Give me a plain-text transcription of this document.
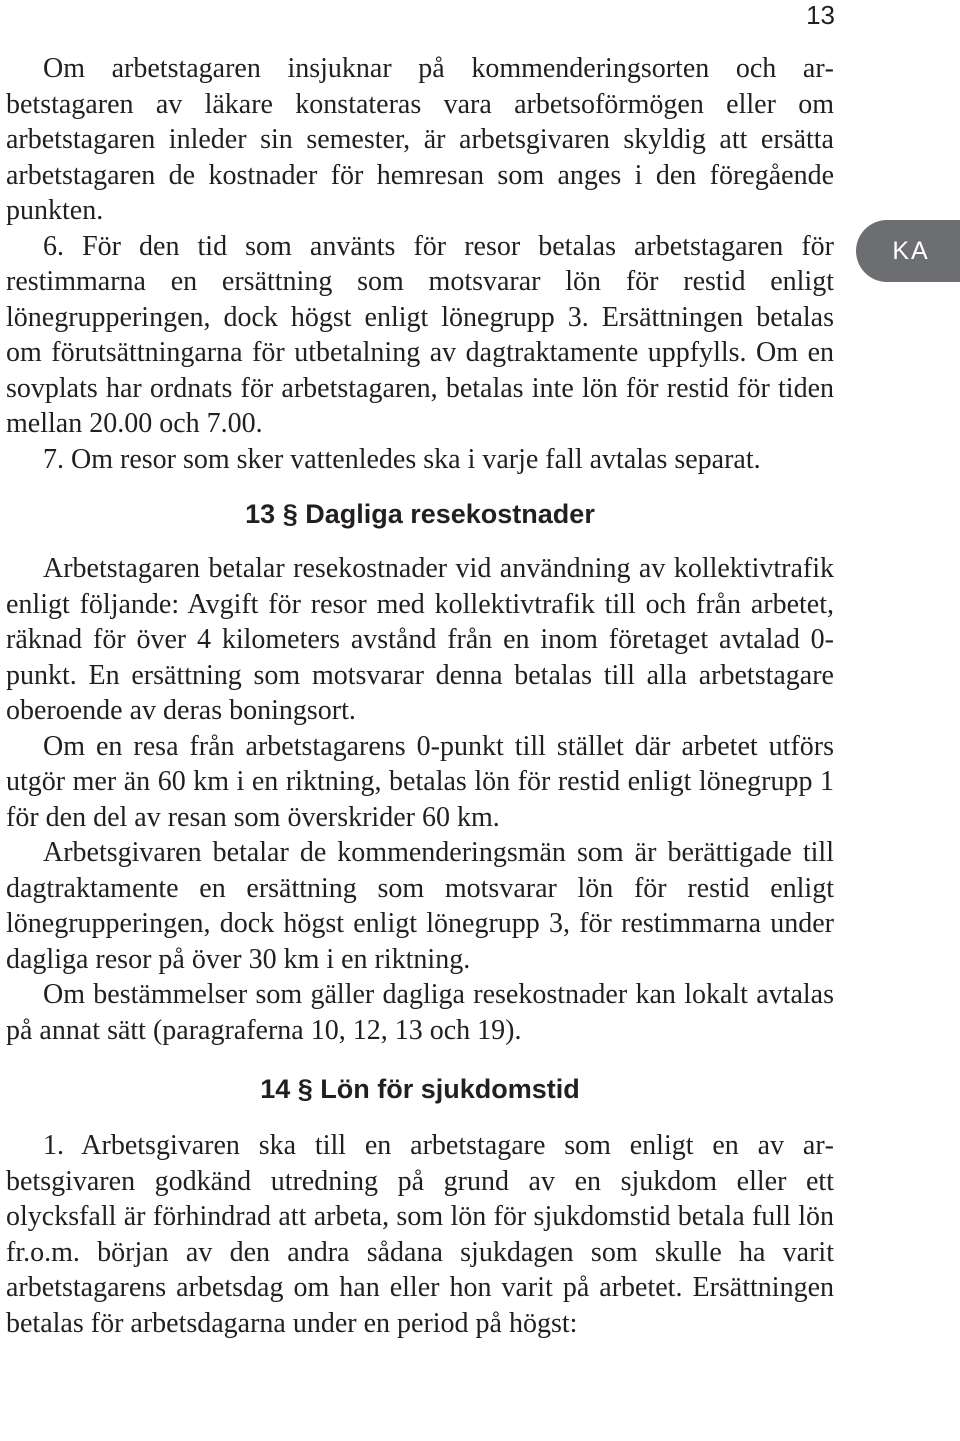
13
KA

Om arbetstagaren insjuknar på kommenderingsorten och arbetstagaren av läkare konstateras vara arbetsoförmögen eller om arbetstagaren inleder sin semester, är arbetsgivaren skyldig att ersätta arbetstagaren de kostnader för hemresan som anges i den föregående punkten.

6. För den tid som använts för resor betalas arbetstagaren för restimmarna en ersättning som motsvarar lön för restid enligt lönegrupperingen, dock högst enligt lönegrupp 3. Ersättningen betalas om förutsättningarna för utbetalning av dagtraktamente uppfylls. Om en sovplats har ordnats för arbetstagaren, betalas inte lön för restid för tiden mellan 20.00 och 7.00.

7. Om resor som sker vattenledes ska i varje fall avtalas separat.

13 § Dagliga resekostnader

Arbetstagaren betalar resekostnader vid användning av kollektivtrafik enligt följande: Avgift för resor med kollektivtrafik till och från arbetet, räknad för över 4 kilometers avstånd från en inom företaget avtalad 0-punkt. En ersättning som motsvarar denna betalas till alla arbetstagare oberoende av deras boningsort.

Om en resa från arbetstagarens 0-punkt till stället där arbetet utförs utgör mer än 60 km i en riktning, betalas lön för restid enligt lönegrupp 1 för den del av resan som överskrider 60 km.

Arbetsgivaren betalar de kommenderingsmän som är berättigade till dagtraktamente en ersättning som motsvarar lön för restid enligt lönegrupperingen, dock högst enligt lönegrupp 3, för restimmarna under dagliga resor på över 30 km i en riktning.

Om bestämmelser som gäller dagliga resekostnader kan lokalt avtalas på annat sätt (paragraferna 10, 12, 13 och 19).

14 § Lön för sjukdomstid

1. Arbetsgivaren ska till en arbetstagare som enligt en av arbetsgivaren godkänd utredning på grund av en sjukdom eller ett olycksfall är förhindrad att arbeta, som lön för sjukdomstid betala full lön fr.o.m. början av den andra sådana sjukdagen som skulle ha varit arbetstagarens arbetsdag om han eller hon varit på arbetet. Ersättningen betalas för arbetsdagarna under en period på högst:
